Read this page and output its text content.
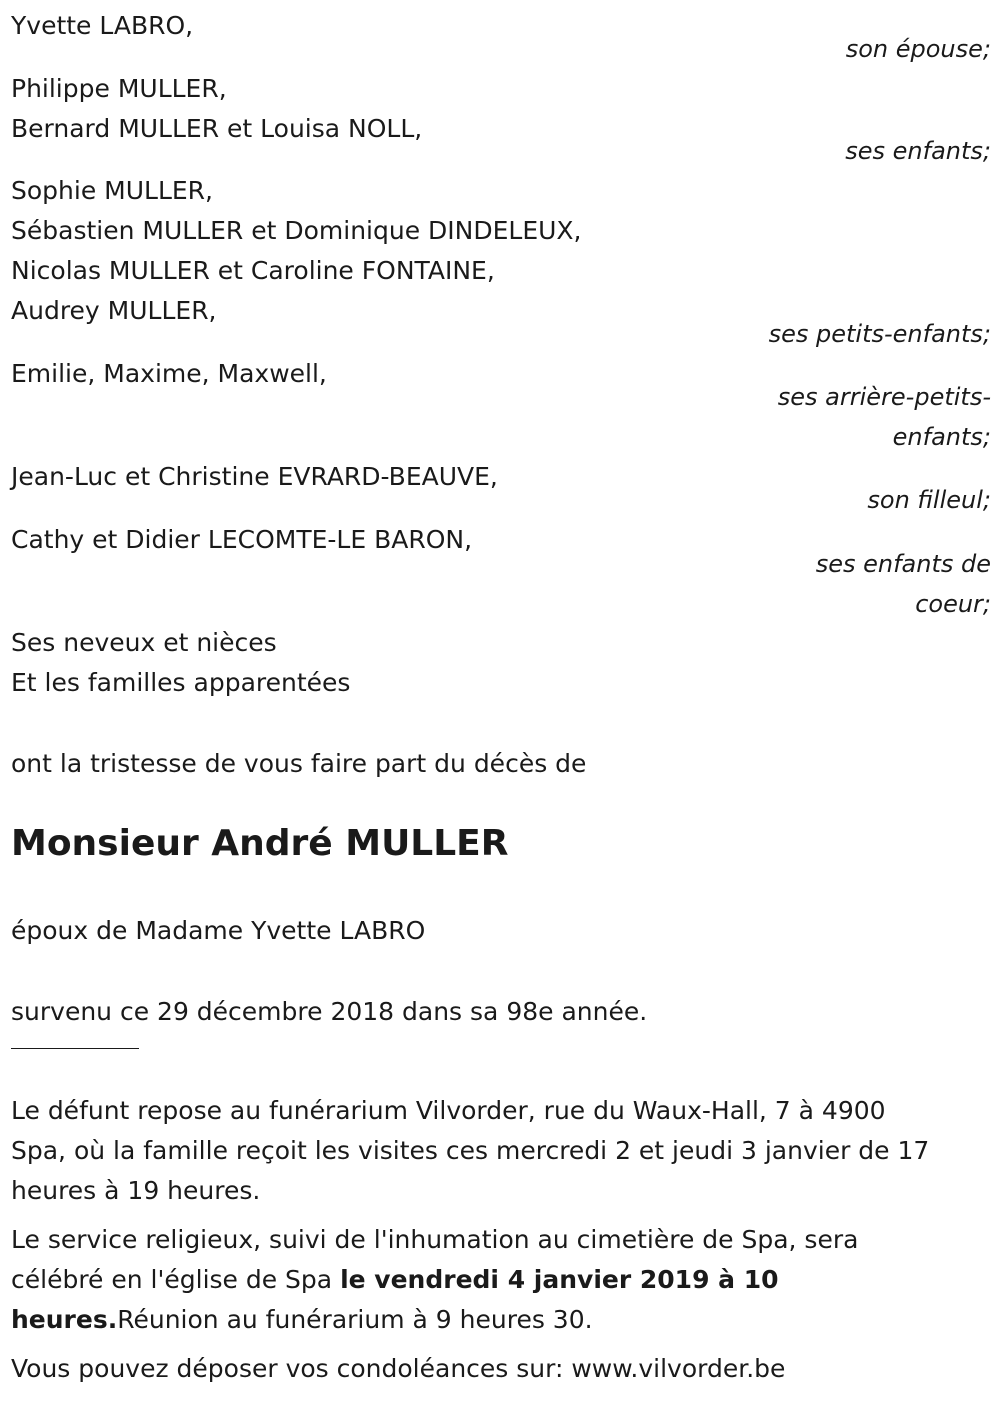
Yvette LABRO,
son épouse;
Philippe MULLER,
Bernard MULLER et Louisa NOLL,
ses enfants;
Sophie MULLER,
Sébastien MULLER et Dominique DINDELEUX,
Nicolas MULLER et Caroline FONTAINE,
Audrey MULLER,
ses petits-enfants;
Emilie, Maxime, Maxwell,
ses arrière-petits-
enfants;
Jean-Luc et Christine EVRARD-BEAUVE,
son filleul;
Cathy et Didier LECOMTE-LE BARON,
ses enfants de
coeur;
Ses neveux et nièces
Et les familles apparentées
ont la tristesse de vous faire part du décès de
Monsieur André MULLER
époux de Madame Yvette LABRO
survenu ce 29 décembre 2018 dans sa 98e année.
Le défunt repose au funérarium Vilvorder, rue du Waux-Hall, 7 à 4900
Spa, où la famille reçoit les visites ces mercredi 2 et jeudi 3 janvier de 17
heures à 19 heures.
Le service religieux, suivi de l'inhumation au cimetière de Spa, sera
célébré en l'église de Spa le vendredi 4 janvier 2019 à 10
heures.Réunion au funérarium à 9 heures 30.
Vous pouvez déposer vos condoléances sur: www.vilvorder.be
